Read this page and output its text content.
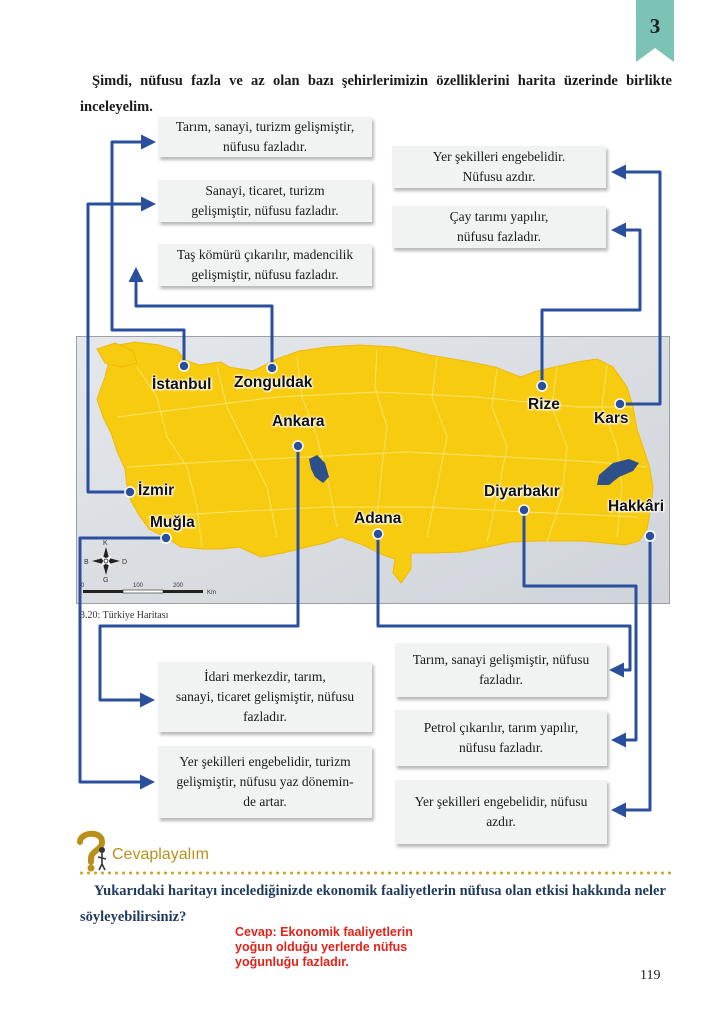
3
Şimdi, nüfusu fazla ve az olan bazı şehirlerimizin özelliklerini harita üzerinde birlikte inceleyelim.
Tarım, sanayi, turizm gelişmiştir,
nüfusu fazladır.
Sanayi, ticaret, turizm
gelişmiştir, nüfusu fazladır.
Taş kömürü çıkarılır, madencilik
gelişmiştir, nüfusu fazladır.
Yer şekilleri engebelidir.
Nüfusu azdır.
Çay tarımı yapılır,
nüfusu fazladır.
İdari merkezdir, tarım,
sanayi, ticaret gelişmiştir, nüfusu
fazladır.
Yer şekilleri engebelidir, turizm
gelişmiştir, nüfusu yaz dönemin-
de artar.
Tarım, sanayi gelişmiştir, nüfusu
fazladır.
Petrol çıkarılır, tarım yapılır,
nüfusu fazladır.
Yer şekilleri engebelidir, nüfusu
azdır.
K
D
G
B
0	100	200
Km
İstanbul Zonguldak
Ankara
İzmir
Muğla	Adana
Diyarbakır
Hakkâri
Rize
Kars
3.20: Türkiye Haritası
Cevaplayalım
Yukarıdaki haritayı incelediğinizde ekonomik faaliyetlerin nüfusa olan etkisi hakkında neler söyleyebilirsiniz?
Cevap: Ekonomik faaliyetlerin
yoğun olduğu yerlerde nüfus
yoğunluğu fazladır.
119
